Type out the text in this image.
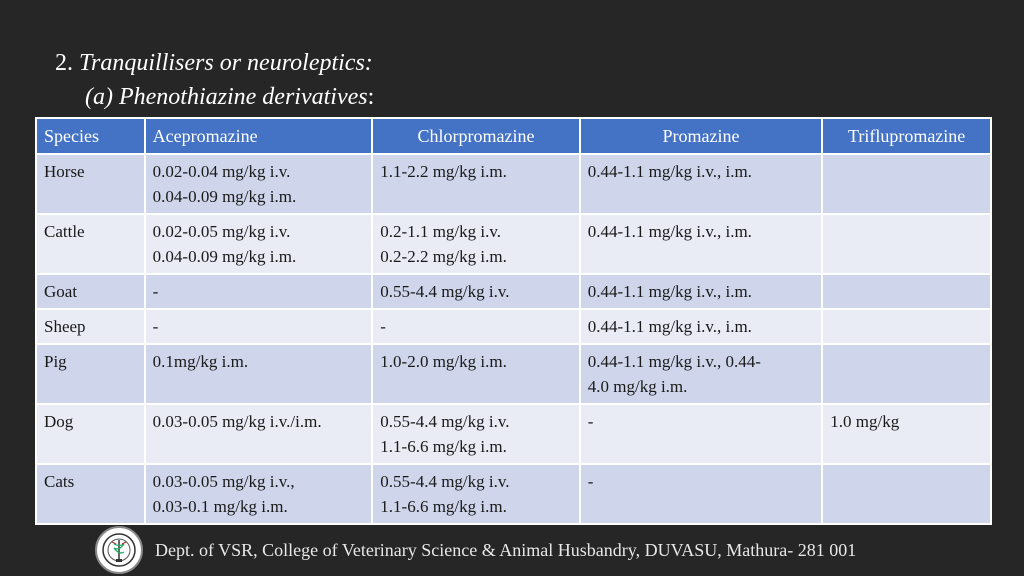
2. Tranquillisers or neuroleptics:
(a) Phenothiazine derivatives:
Species	Acepromazine	Chlorpromazine	Promazine	Triflupromazine
Horse	0.02-0.04 mg/kg i.v.
0.04-0.09 mg/kg i.m.	1.1-2.2 mg/kg i.m.	0.44-1.1 mg/kg i.v., i.m.	

Cattle	0.02-0.05 mg/kg i.v.
0.04-0.09 mg/kg i.m.	0.2-1.1 mg/kg i.v.
0.2-2.2 mg/kg i.m.	0.44-1.1 mg/kg i.v., i.m.	

Goat	-	0.55-4.4 mg/kg i.v.	0.44-1.1 mg/kg i.v., i.m.	

Sheep	-	-	0.44-1.1 mg/kg i.v., i.m.	

Pig	0.1mg/kg i.m.	1.0-2.0 mg/kg i.m.	0.44-1.1 mg/kg i.v., 0.44-
4.0 mg/kg i.m.	

Dog	0.03-0.05 mg/kg i.v./i.m.	0.55-4.4 mg/kg i.v.
1.1-6.6 mg/kg i.m.	-	1.0 mg/kg

Cats	0.03-0.05 mg/kg i.v.,
0.03-0.1 mg/kg i.m.	0.55-4.4 mg/kg i.v.
1.1-6.6 mg/kg i.m.	-	

Dept. of VSR, College of Veterinary Science & Animal Husbandry, DUVASU, Mathura- 281 001
